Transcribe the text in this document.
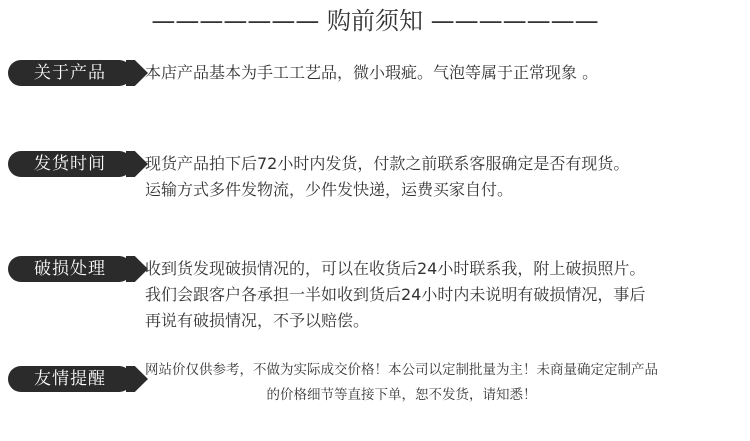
——————— 购前须知 ———————
关于产品	本店产品基本为手工工艺品，微小瑕疵。气泡等属于正常现象 。

发货时间	现货产品拍下后72小时内发货，付款之前联系客服确定是否有现货。

运输方式多件发物流，少件发快递，运费买家自付。

破损处理	收到货发现破损情况的，可以在收货后24小时联系我，附上破损照片。

我们会跟客户各承担一半如收到货后24小时内未说明有破损情况，事后

再说有破损情况，不予以赔偿。

友情提醒	网站价仅供参考，不做为实际成交价格！本公司以定制批量为主！未商量确定定制产品

的价格细节等直接下单，恕不发货，请知悉！
